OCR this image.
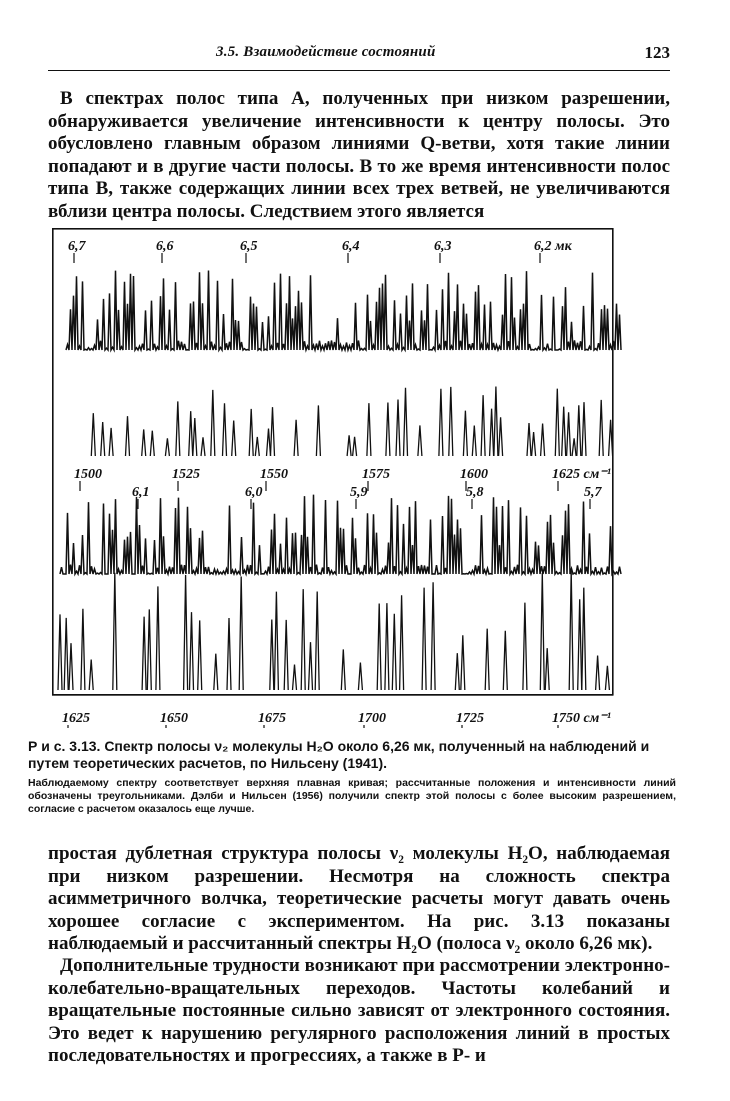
3.5. Взаимодействие состояний	123

В спектрах полос типа A, полученных при низком разрешении, обнаруживается увеличение интенсивности к центру полосы. Это обусловлено главным образом линиями Q-ветви, хотя такие линии попадают и в другие части полосы. В то же время интенсивности полос типа B, также содержащих линии всех трех ветвей, не увеличиваются вблизи центра полосы. Следствием этого является

6,7	6,6	6,5	6,4	6,3	6,2 мк
1500	1525	1550	1575	1600	1625 см⁻¹
6,1	6,0	5,9	5,8	5,7
1625	1650	1675	1700	1725	1750 см⁻¹

Р и с. 3.13. Спектр полосы ν₂ молекулы H₂O около 6,26 мк, полученный на наблюдений и путем теоретических расчетов, по Нильсену (1941).

Наблюдаемому спектру соответствует верхняя плавная кривая; рассчитанные положения и интенсивности линий обозначены треугольниками. Дэлби и Нильсен (1956) получили спектр этой полосы с более высоким разрешением, согласие с расчетом оказалось еще лучше.

простая дублетная структура полосы ν₂ молекулы H₂O, наблюдаемая при низком разрешении. Несмотря на сложность спектра асимметричного волчка, теоретические расчеты могут давать очень хорошее согласие с экспериментом. На рис. 3.13 показаны наблюдаемый и рассчитанный спектры H₂O (полоса ν₂ около 6,26 мк).

Дополнительные трудности возникают при рассмотрении электронно-колебательно-вращательных переходов. Частоты колебаний и вращательные постоянные сильно зависят от электронного состояния. Это ведет к нарушению регулярного расположения линий в простых последовательностях и прогрессиях, а также в P- и
